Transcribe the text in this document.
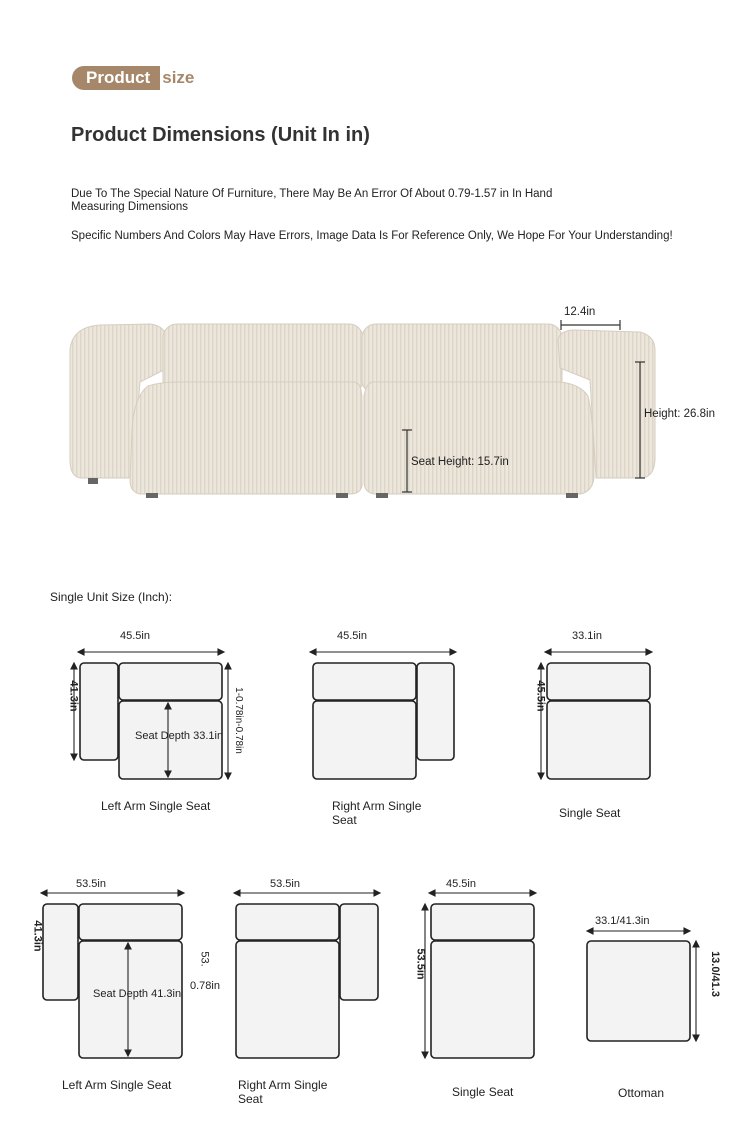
Product size
Product Dimensions (Unit In in)
Due To The Special Nature Of Furniture, There May Be An Error Of About 0.79-1.57 in In Hand Measuring Dimensions
Specific Numbers And Colors May Have Errors, Image Data Is For Reference Only, We Hope For Your Understanding!
12.4in
Height: 26.8in
Seat Height: 15.7in
Single Unit Size (Inch):
45.5in
41.3in
Seat Depth 33.1in 1-0.78in-0.78in
Left Arm Single Seat
45.5in
Right Arm Single Seat
33.1in
45.5in
Single Seat
53.5in
41.3in
Seat Depth 41.3in
0.78in
Left Arm Single Seat
53.5in
53.
Right Arm Single Seat
45.5in
53.5in
Single Seat
33.1/41.3in
13.0/41.3
Ottoman
